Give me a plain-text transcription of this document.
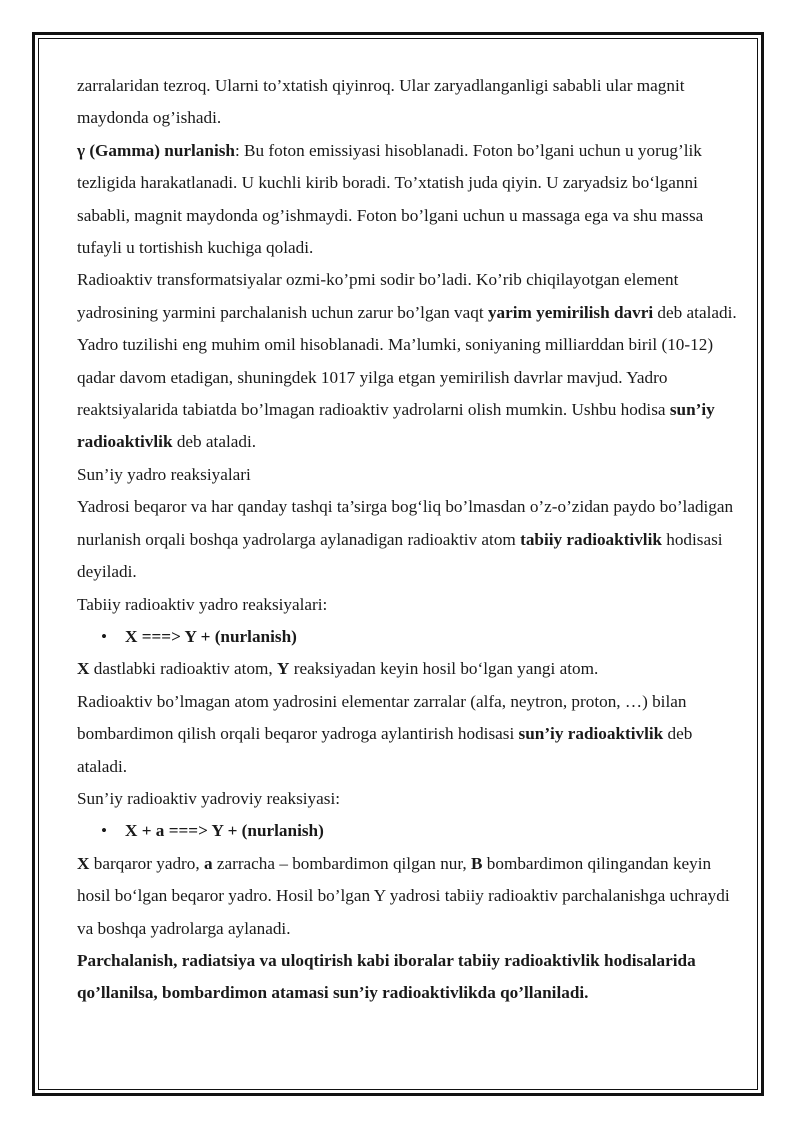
zarralaridan tezroq. Ularni to’xtatish qiyinroq. Ular zaryadlanganligi sababli ular magnit maydonda og’ishadi.

γ (Gamma) nurlanish: Bu foton emissiyasi hisoblanadi. Foton bo’lgani uchun u yorug’lik tezligida harakatlanadi. U kuchli kirib boradi. To’xtatish juda qiyin. U zaryadsiz bo‘lganni sababli, magnit maydonda og’ishmaydi. Foton bo’lgani uchun u massaga ega va shu massa tufayli u tortishish kuchiga qoladi.

Radioaktiv transformatsiyalar ozmi-ko’pmi sodir bo’ladi. Ko’rib chiqilayotgan element yadrosining yarmini parchalanish uchun zarur bo’lgan vaqt yarim yemirilish davri deb ataladi. Yadro tuzilishi eng muhim omil hisoblanadi. Ma’lumki, soniyaning milliarddan biril (10-12) qadar davom etadigan, shuningdek 1017 yilga etgan yemirilish davrlar mavjud. Yadro reaktsiyalarida tabiatda bo’lmagan radioaktiv yadrolarni olish mumkin. Ushbu hodisa sun’iy radioaktivlik deb ataladi.

Sun’iy yadro reaksiyalari

Yadrosi beqaror va har qanday tashqi ta’sirga bog‘liq bo’lmasdan o’z-o’zidan paydo bo’ladigan nurlanish orqali boshqa yadrolarga aylanadigan radioaktiv atom tabiiy radioaktivlik hodisasi deyiladi.

Tabiiy radioaktiv yadro reaksiyalari:

• X ===> Y + (nurlanish)

X dastlabki radioaktiv atom, Y reaksiyadan keyin hosil bo‘lgan yangi atom.

Radioaktiv bo’lmagan atom yadrosini elementar zarralar (alfa, neytron, proton, …) bilan bombardimon qilish orqali beqaror yadroga aylantirish hodisasi sun’iy radioaktivlik deb ataladi.

Sun’iy radioaktiv yadroviy reaksiyasi:

• X + a ===> Y + (nurlanish)

X barqaror yadro, a zarracha – bombardimon qilgan nur, B bombardimon qilingandan keyin hosil bo‘lgan beqaror yadro. Hosil bo’lgan Y yadrosi tabiiy radioaktiv parchalanishga uchraydi va boshqa yadrolarga aylanadi.

Parchalanish, radiatsiya va uloqtirish kabi iboralar tabiiy radioaktivlik hodisalarida qo’llanilsa, bombardimon atamasi sun’iy radioaktivlikda qo’llaniladi.
